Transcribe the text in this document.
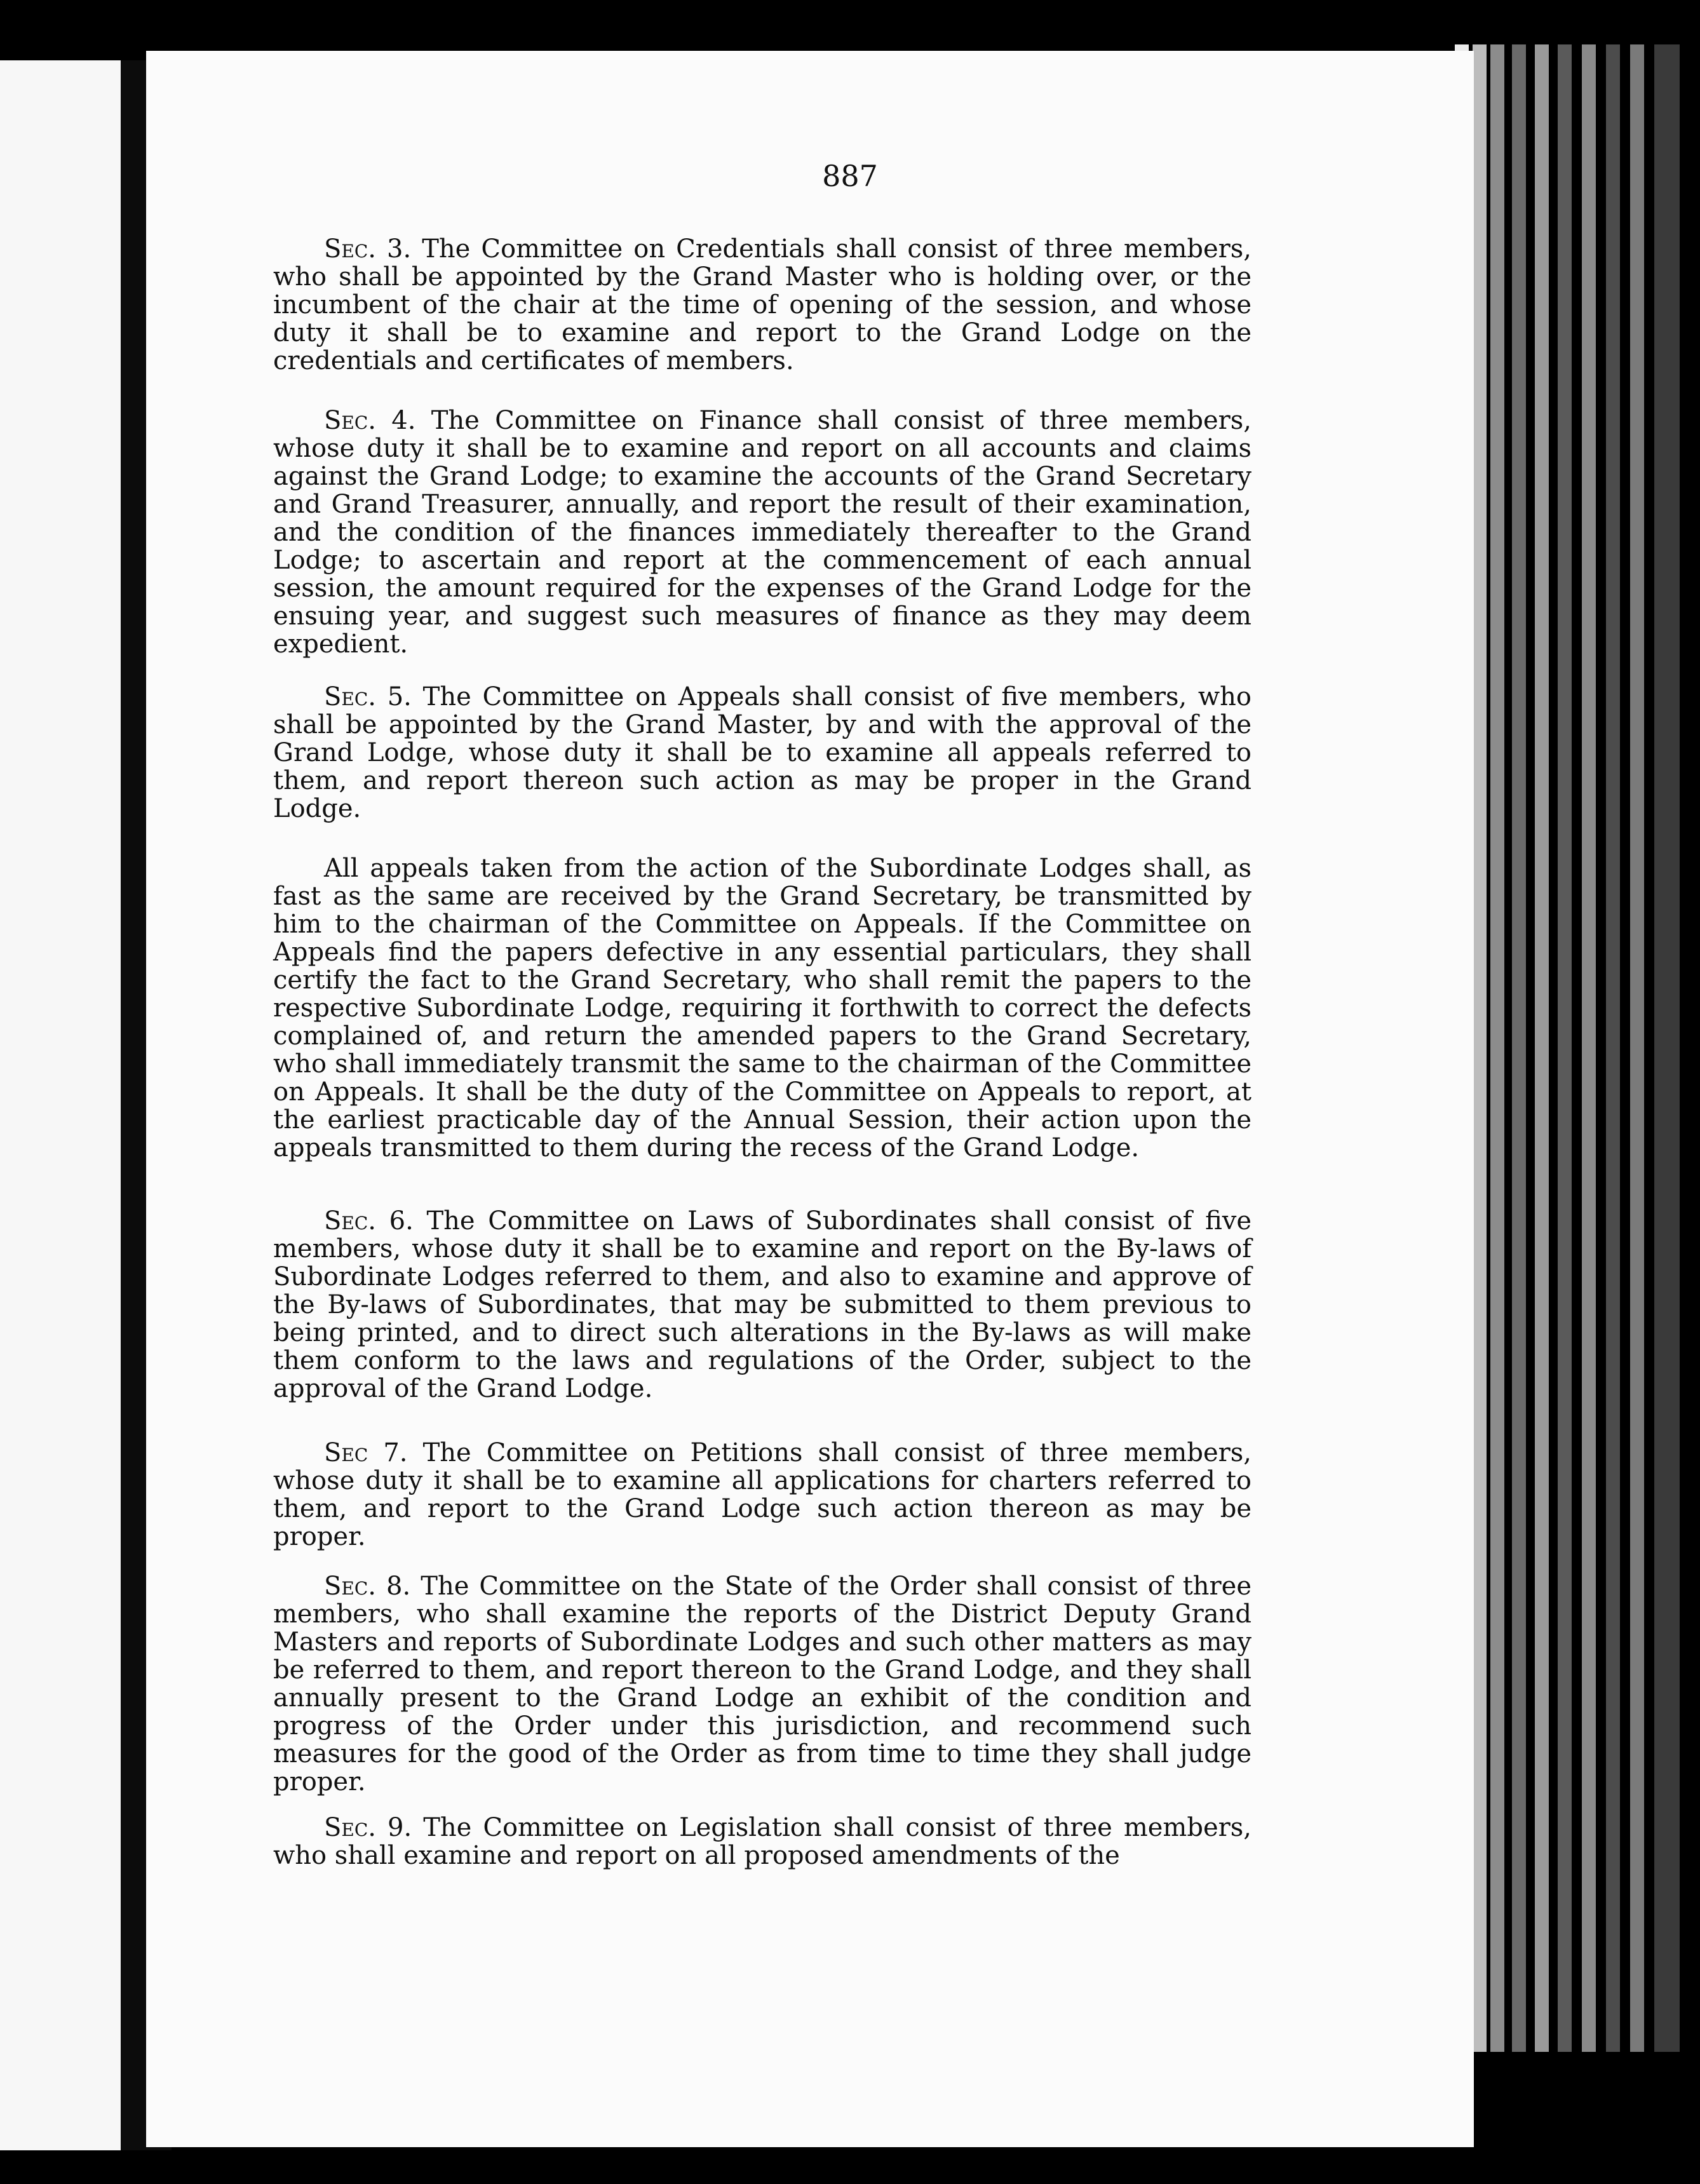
887

Sec. 3. The Committee on Credentials shall consist of three members, who shall be appointed by the Grand Master who is holding over, or the incumbent of the chair at the time of opening of the session, and whose duty it shall be to examine and report to the Grand Lodge on the credentials and certificates of members.

Sec. 4. The Committee on Finance shall consist of three members, whose duty it shall be to examine and report on all accounts and claims against the Grand Lodge; to examine the accounts of the Grand Secretary and Grand Treasurer, annually, and report the result of their examination, and the condition of the finances immediately thereafter to the Grand Lodge; to ascertain and report at the commencement of each annual session, the amount required for the expenses of the Grand Lodge for the ensuing year, and suggest such measures of finance as they may deem expedient.

Sec. 5. The Committee on Appeals shall consist of five members, who shall be appointed by the Grand Master, by and with the approval of the Grand Lodge, whose duty it shall be to examine all appeals referred to them, and report thereon such action as may be proper in the Grand Lodge.

All appeals taken from the action of the Subordinate Lodges shall, as fast as the same are received by the Grand Secretary, be transmitted by him to the chairman of the Committee on Appeals. If the Committee on Appeals find the papers defective in any essential particulars, they shall certify the fact to the Grand Secretary, who shall remit the papers to the respective Subordinate Lodge, requiring it forthwith to correct the defects complained of, and return the amended papers to the Grand Secretary, who shall immediately transmit the same to the chairman of the Committee on Appeals. It shall be the duty of the Committee on Appeals to report, at the earliest practicable day of the Annual Session, their action upon the appeals transmitted to them during the recess of the Grand Lodge.

Sec. 6. The Committee on Laws of Subordinates shall consist of five members, whose duty it shall be to examine and report on the By-laws of Subordinate Lodges referred to them, and also to examine and approve of the By-laws of Subordinates, that may be submitted to them previous to being printed, and to direct such alterations in the By-laws as will make them conform to the laws and regulations of the Order, subject to the approval of the Grand Lodge.

Sec 7. The Committee on Petitions shall consist of three members, whose duty it shall be to examine all applications for charters referred to them, and report to the Grand Lodge such action thereon as may be proper.

Sec. 8. The Committee on the State of the Order shall consist of three members, who shall examine the reports of the District Deputy Grand Masters and reports of Subordinate Lodges and such other matters as may be referred to them, and report thereon to the Grand Lodge, and they shall annually present to the Grand Lodge an exhibit of the condition and progress of the Order under this jurisdiction, and recommend such measures for the good of the Order as from time to time they shall judge proper.

Sec. 9. The Committee on Legislation shall consist of three members, who shall examine and report on all proposed amendments of the
